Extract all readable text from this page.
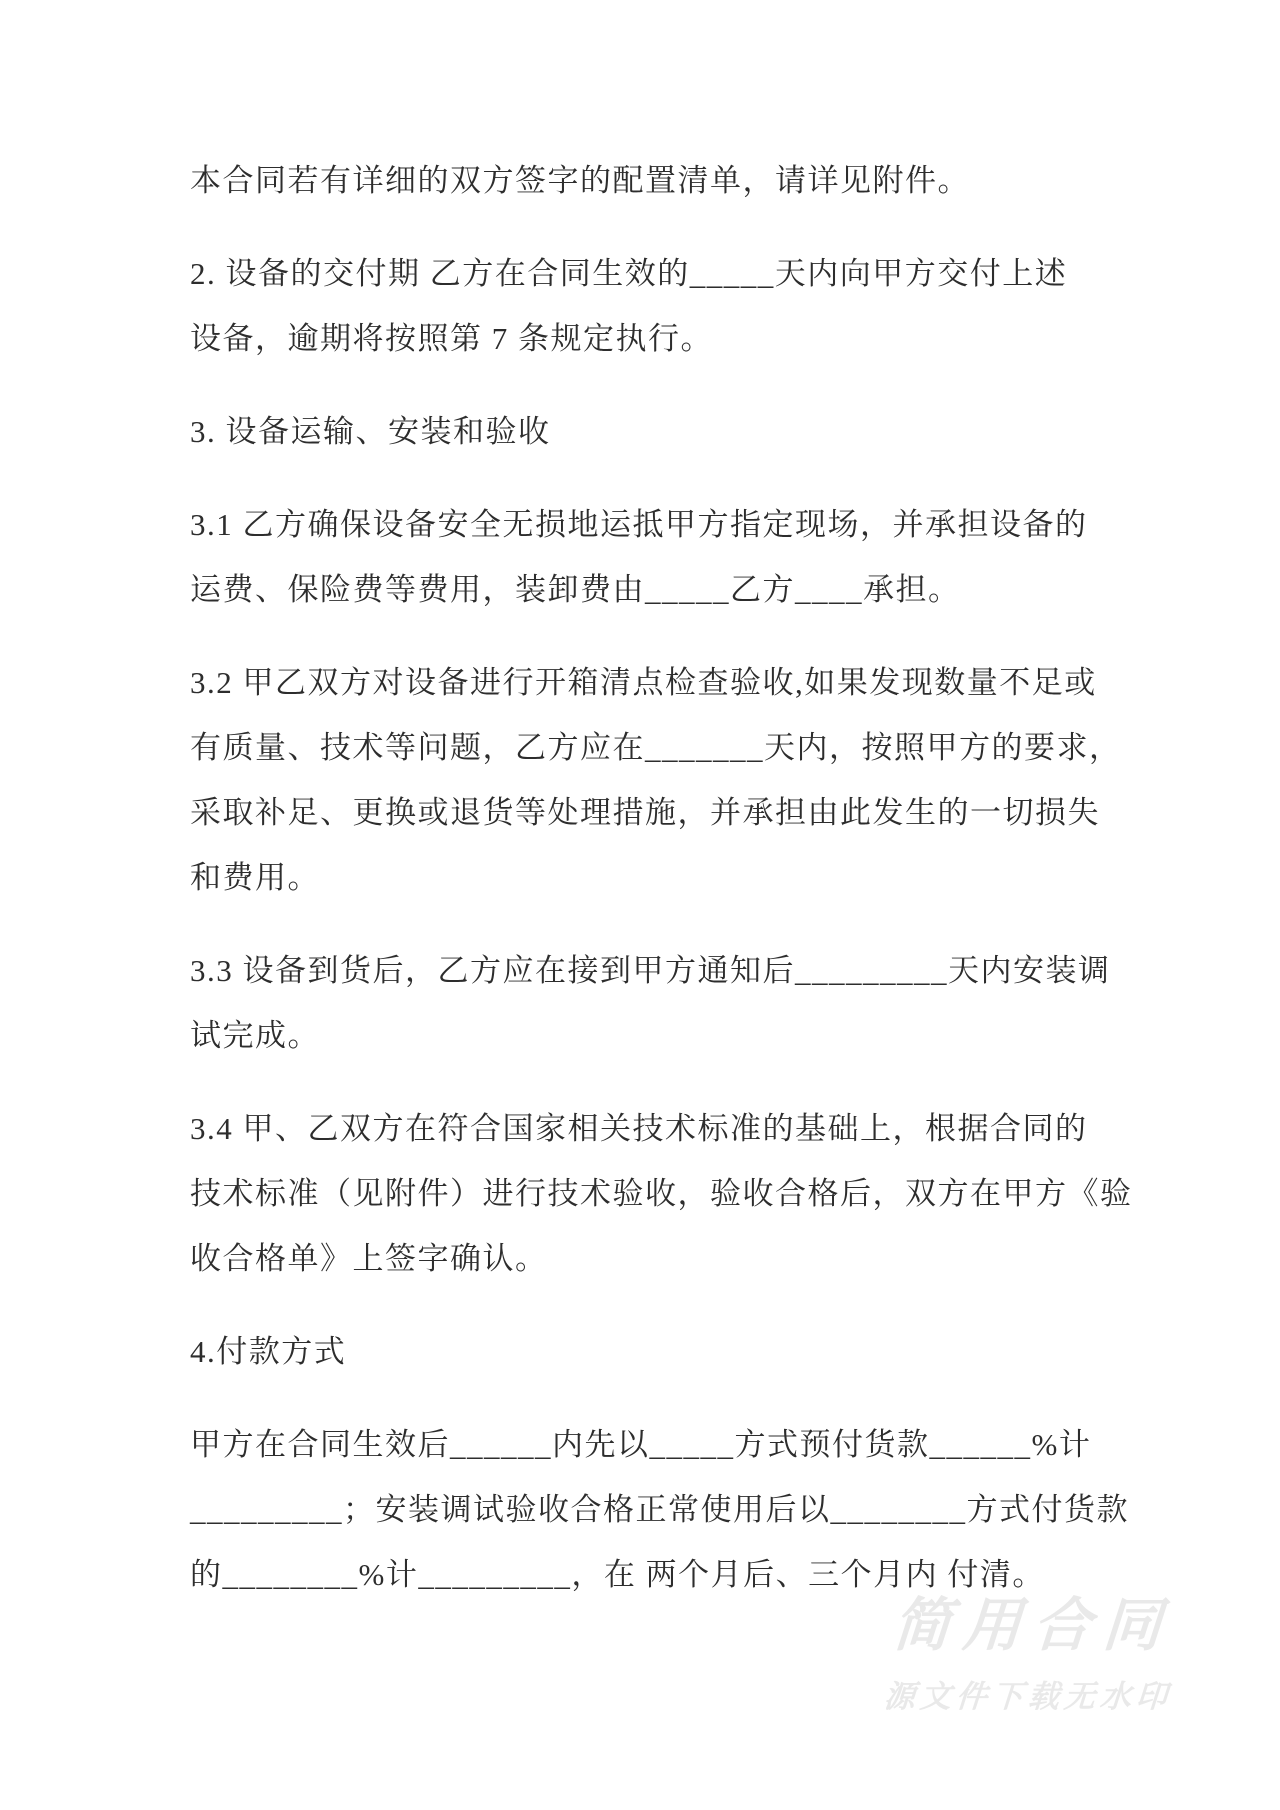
本合同若有详细的双方签字的配置清单，请详见附件。

2. 设备的交付期 乙方在合同生效的_____天内向甲方交付上述
设备，逾期将按照第 7 条规定执行。

3. 设备运输、安装和验收

3.1 乙方确保设备安全无损地运抵甲方指定现场，并承担设备的
运费、保险费等费用，装卸费由_____乙方____承担。

3.2 甲乙双方对设备进行开箱清点检查验收,如果发现数量不足或
有质量、技术等问题，乙方应在_______天内，按照甲方的要求，
采取补足、更换或退货等处理措施，并承担由此发生的一切损失
和费用。

3.3 设备到货后，乙方应在接到甲方通知后_________天内安装调
试完成。

3.4 甲、乙双方在符合国家相关技术标准的基础上，根据合同的
技术标准（见附件）进行技术验收，验收合格后，双方在甲方《验
收合格单》上签字确认。

4.付款方式

甲方在合同生效后______内先以_____方式预付货款______%计
_________；安装调试验收合格正常使用后以________方式付货款
的________%计_________，在 两个月后、三个月内 付清。

简用合同
源文件下载无水印
